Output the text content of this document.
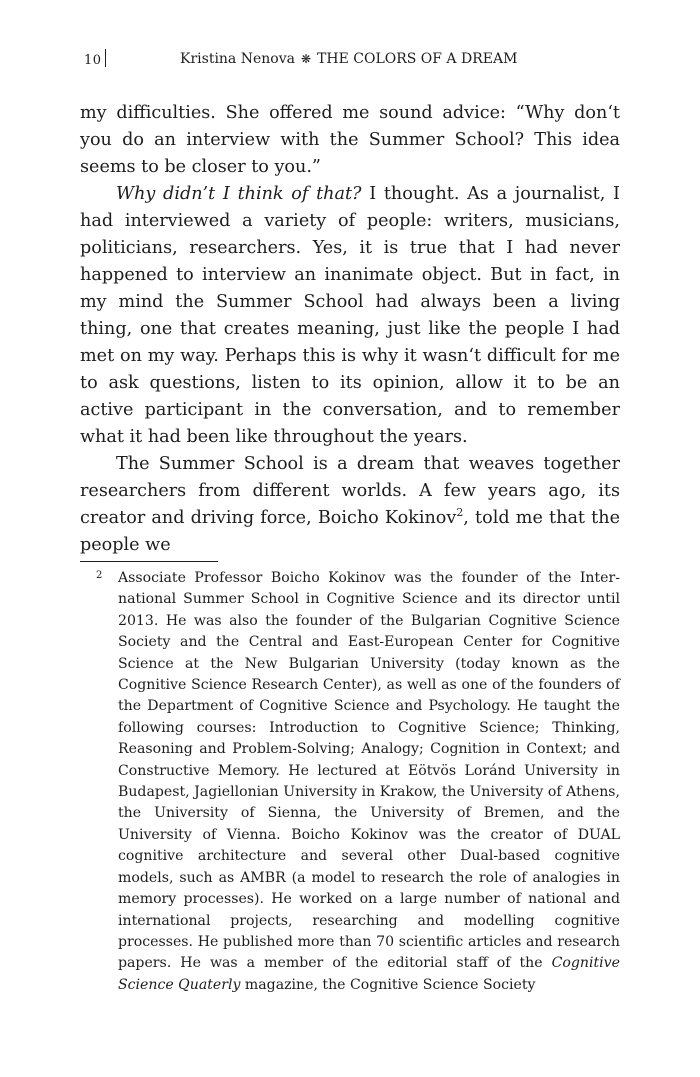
10	Kristina Nenova ❋ THE COLORS OF A DREAM

my difficulties. She offered me sound advice: “Why don‘t you do an interview with the Summer School? This idea seems to be closer to you.”

Why didn’t I think of that? I thought. As a journalist, I had interviewed a variety of people: writers, musicians, politicians, researchers. Yes, it is true that I had never happened to interview an inanimate object. But in fact, in my mind the Summer School had always been a living thing, one that creates meaning, just like the people I had met on my way. Perhaps this is why it wasn‘t difficult for me to ask questions, listen to its opinion, allow it to be an active participant in the conversation, and to remember what it had been like throughout the years.

The Summer School is a dream that weaves together researchers from different worlds. A few years ago, its creator and driving force, Boicho Kokinov$^2$, told me that the people we

2 Associate Professor Boicho Kokinov was the founder of the International Summer School in Cognitive Science and its director until 2013. He was also the founder of the Bulgarian Cognitive Science Society and the Central and East-European Center for Cognitive Science at the New Bulgarian University (today known as the Cognitive Science Research Center), as well as one of the founders of the Department of Cognitive Science and Psychology. He taught the following courses: Introduction to Cognitive Science; Thinking, Reasoning and Problem-Solving; Analogy; Cognition in Context; and Constructive Memory. He lectured at Eötvös Loránd University in Budapest, Jagiellonian University in Krakow, the University of Athens, the University of Sienna, the University of Bremen, and the University of Vienna. Boicho Kokinov was the creator of DUAL cognitive architecture and several other Dual-based cognitive models, such as AMBR (a model to research the role of analogies in memory processes). He worked on a large number of national and international projects, researching and modelling cognitive processes. He published more than 70 scientific articles and research papers. He was a member of the editorial staff of the Cognitive Science Quaterly magazine, the Cognitive Science Society
